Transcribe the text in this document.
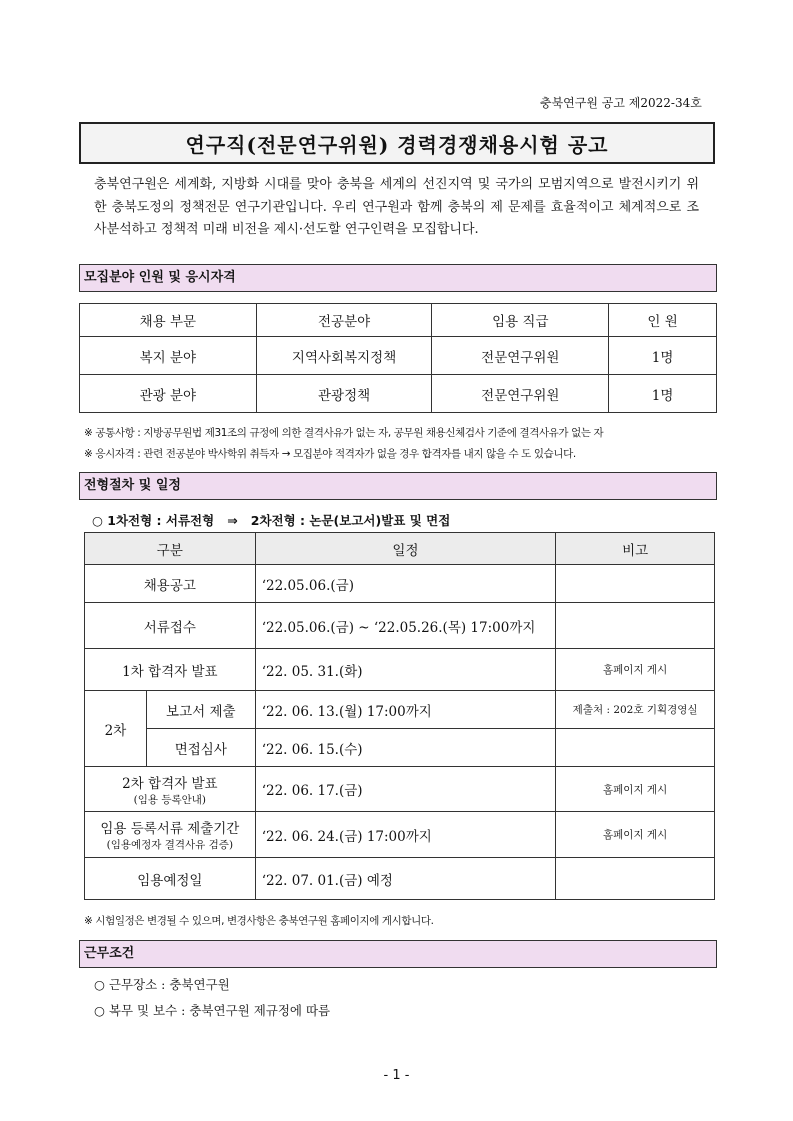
충북연구원 공고 제2022-34호
연구직(전문연구위원) 경력경쟁채용시험 공고
충북연구원은 세계화, 지방화 시대를 맞아 충북을 세계의 선진지역 및 국가의 모범지역으로 발전시키기 위한 충북도정의 정책전문 연구기관입니다. 우리 연구원과 함께 충북의 제 문제를 효율적이고 체계적으로 조사분석하고 정책적 미래 비전을 제시·선도할 연구인력을 모집합니다.
모집분야 인원 및 응시자격
채용 부문	전공분야	임용 직급	인 원
복지 분야	지역사회복지정책	전문연구위원	1명
관광 분야	관광정책	전문연구위원	1명
※ 공통사항 : 지방공무원법 제31조의 규정에 의한 결격사유가 없는 자, 공무원 채용신체검사 기준에 결격사유가 없는 자
※ 응시자격 : 관련 전공분야 박사학위 취득자 → 모집분야 적격자가 없을 경우 합격자를 내지 않을 수 도 있습니다.
전형절차 및 일정
○ 1차전형 : 서류전형   ⇒   2차전형 : 논문(보고서)발표 및 면접
구분		일정	비고
채용공고		‘22.05.06.(금)	
서류접수		‘22.05.06.(금) ~ ‘22.05.26.(목) 17:00까지	
1차 합격자 발표		‘22. 05. 31.(화)	홈페이지 게시
2차	보고서 제출	‘22. 06. 13.(월) 17:00까지	제출처 : 202호 기획경영실
	면접심사	‘22. 06. 15.(수)	
2차 합격자 발표
(임용 등록안내)		‘22. 06. 17.(금)	홈페이지 게시
임용 등록서류 제출기간
(임용예정자 결격사유 검증)		‘22. 06. 24.(금) 17:00까지	홈페이지 게시
임용예정일		‘22. 07. 01.(금) 예정	
※ 시험일정은 변경될 수 있으며, 변경사항은 충북연구원 홈페이지에 게시합니다.
근무조건
○ 근무장소 : 충북연구원
○ 복무 및 보수 : 충북연구원 제규정에 따름
- 1 -
